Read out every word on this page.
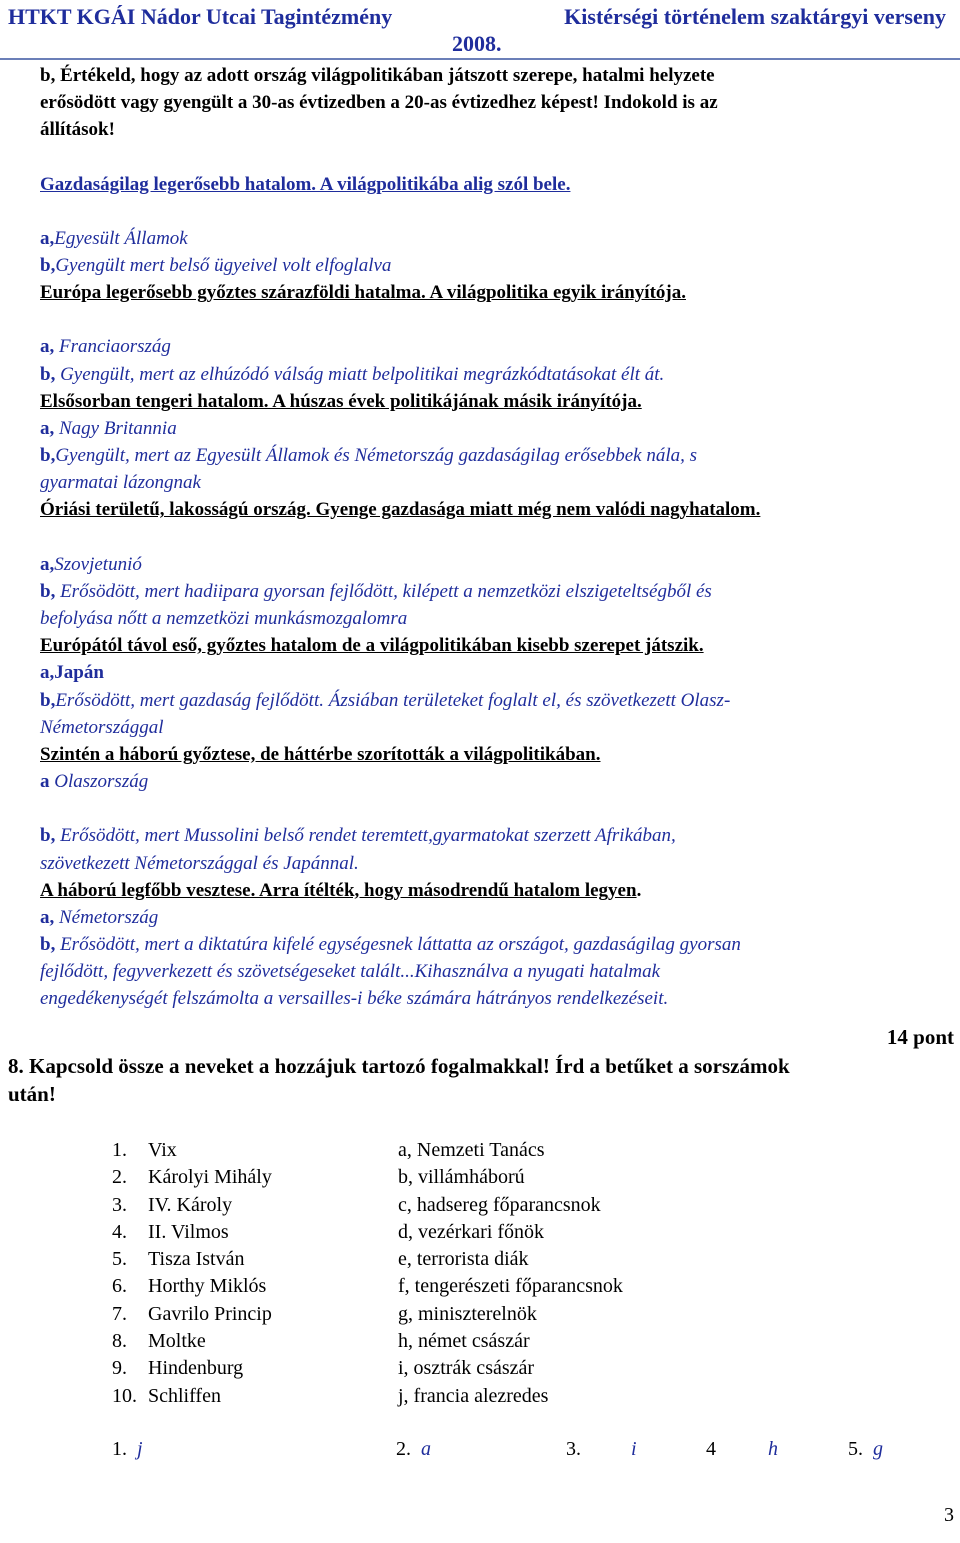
HTKT KGÁI Nádor Utcai Tagintézmény	Kistérségi történelem szaktárgyi verseny
2008.
b, Értékeld, hogy az adott ország világpolitikában játszott szerepe, hatalmi helyzete
erősödött vagy gyengült a 30-as évtizedben a 20-as évtizedhez képest! Indokold is az
állítások!
Gazdaságilag legerősebb hatalom. A világpolitikába alig szól bele.
a,Egyesült Államok
b,Gyengült mert belső ügyeivel volt elfoglalva
Európa legerősebb győztes szárazföldi hatalma. A világpolitika egyik irányítója.
a, Franciaország
b, Gyengült, mert az elhúzódó válság miatt belpolitikai megrázkódtatásokat élt át.
Elsősorban tengeri hatalom. A húszas évek politikájának másik irányítója.
a, Nagy Britannia
b,Gyengült, mert az Egyesült Államok és Németország gazdaságilag erősebbek nála, s
gyarmatai lázongnak
Óriási területű, lakosságú ország. Gyenge gazdasága miatt még nem valódi nagyhatalom.
a,Szovjetunió
b, Erősödött, mert hadiipara gyorsan fejlődött, kilépett a nemzetközi elszigeteltségből és
befolyása nőtt a nemzetközi munkásmozgalomra
Európától távol eső, győztes hatalom de a világpolitikában kisebb szerepet játszik.
a,Japán
b,Erősödött, mert gazdaság fejlődött. Ázsiában területeket foglalt el, és szövetkezett Olasz-
Németországgal
Szintén a háború győztese, de háttérbe szorították a világpolitikában.
a Olaszország
b, Erősödött, mert Mussolini belső rendet teremtett,gyarmatokat szerzett Afrikában,
szövetkezett Németországgal és Japánnal.
A háború legfőbb vesztese. Arra ítélték, hogy másodrendű hatalom legyen.
a, Németország
b, Erősödött, mert a diktatúra kifelé egységesnek láttatta az országot, gazdaságilag gyorsan
fejlődött, fegyverkezett és szövetségeseket talált...Kihasználva a nyugati hatalmak
engedékenységét felszámolta a versailles-i béke számára hátrányos rendelkezéseit.
14 pont
8. Kapcsold össze a neveket a hozzájuk tartozó fogalmakkal! Írd a betűket a sorszámok
után!
1.	Vix	a, Nemzeti Tanács
2.	Károlyi Mihály	b, villámháború
3.	IV. Károly	c, hadsereg főparancsnok
4.	II. Vilmos	d, vezérkari főnök
5.	Tisza István	e, terrorista diák
6.	Horthy Miklós	f, tengerészeti főparancsnok
7.	Gavrilo Princip	g, miniszterelnök
8.	Moltke	h, német császár
9.	Hindenburg	i, osztrák császár
10. Schliffen	j, francia alezredes
1. j	2. a	3.	i	4	h	5. g
3
